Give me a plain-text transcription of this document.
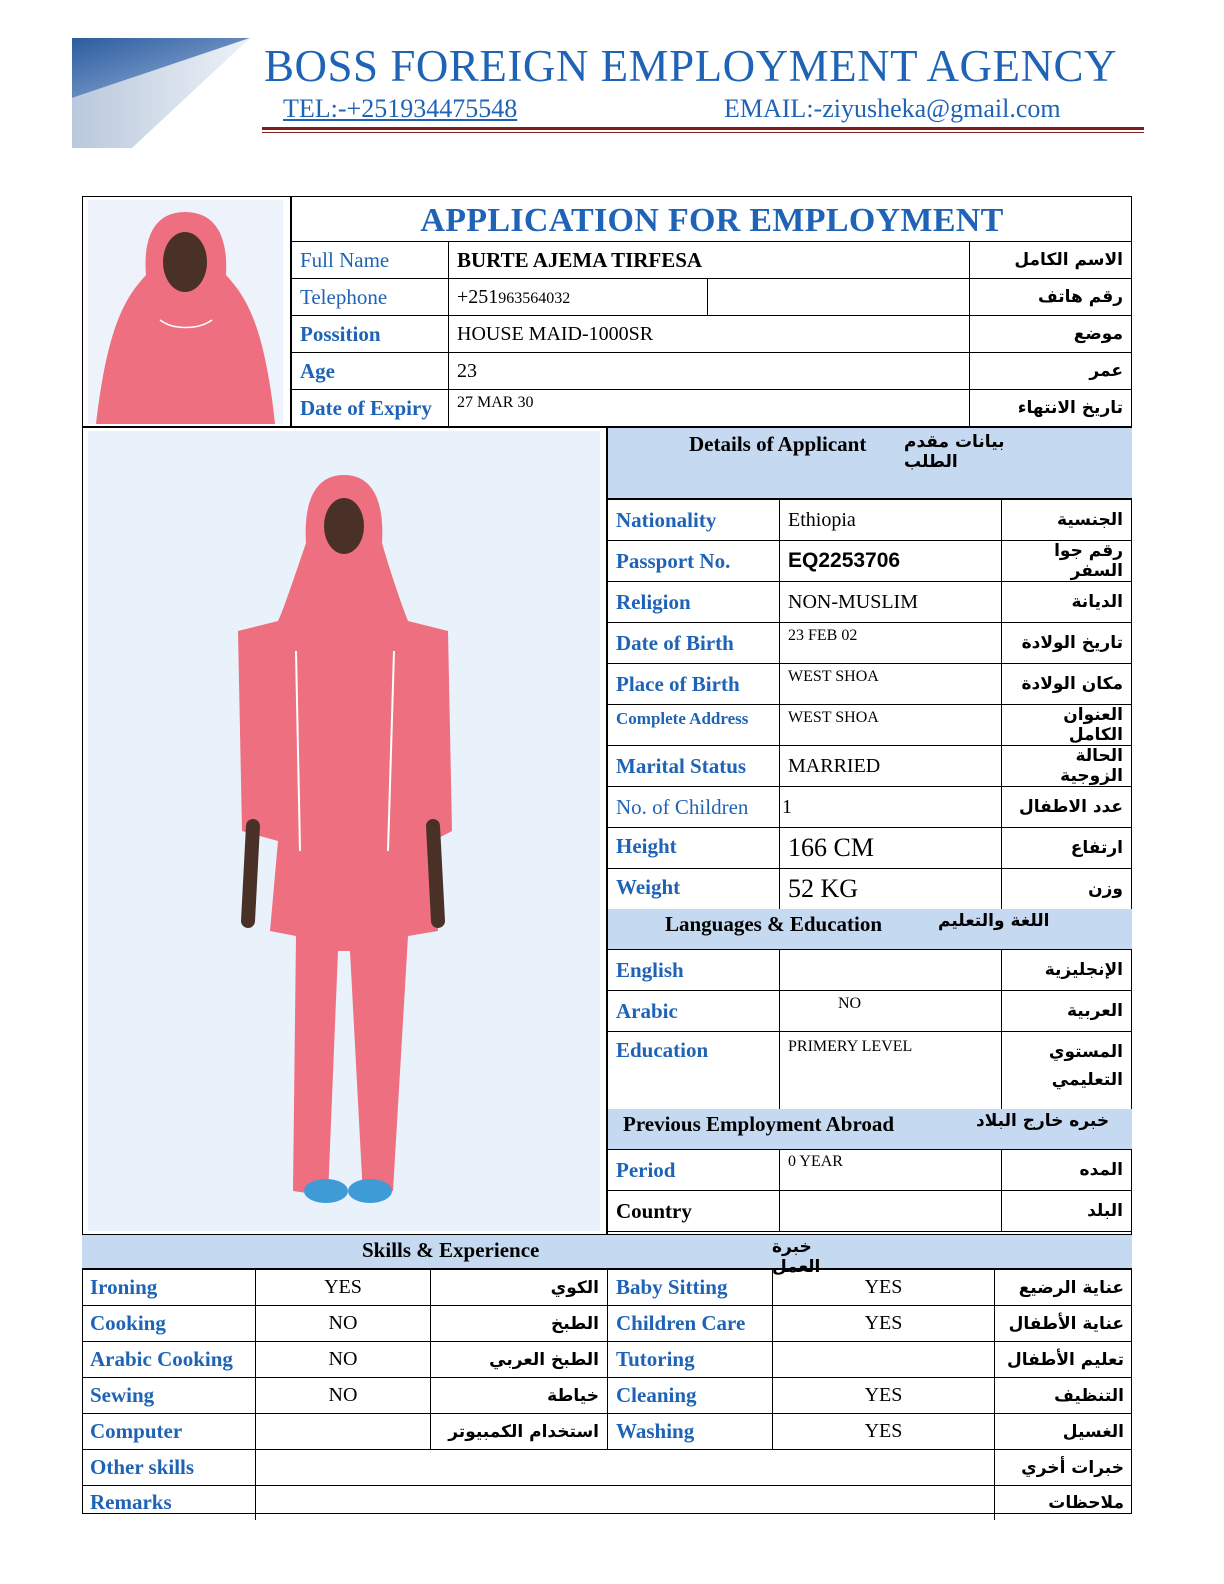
BOSS FOREIGN EMPLOYMENT AGENCY
TEL:-+251934475548	EMAIL:-ziyusheka@gmail.com
APPLICATION FOR EMPLOYMENT
Full Name	BURTE AJEMA TIRFESA		الاسم الكامل
Telephone	+251963564032		رقم هاتف
Possition	HOUSE MAID-1000SR		موضع
Age	23		عمر
Date of Expiry	27 MAR 30		تاريخ الانتهاء
Details of Applicant بيانات مقدم الطلب
Nationality	Ethiopia	الجنسية
Passport No.	EQ2253706	رقم جوا السفر
Religion	NON-MUSLIM	الديانة
Date of Birth	23 FEB 02	تاريخ الولادة
Place of Birth	WEST SHOA	مكان الولادة
Complete Address	WEST SHOA	العنوان الكامل
Marital Status	MARRIED	الحالة الزوجية
No. of Children	1	عدد الاطفال
Height	166 CM	ارتفاع
Weight	52 KG	وزن
Languages & Education	اللغة والتعليم
English		الإنجليزية
Arabic	NO	العربية
Education	PRIMERY LEVEL	المستوي التعليمي
Previous Employment Abroad	خبره خارج البلاد
Period	0 YEAR	المده
Country		البلد
Skills & Experience	خبرة العمل
Ironing	YES	الكوي	Baby Sitting	YES	عناية الرضيع
Cooking	NO	الطبخ	Children Care	YES	عناية الأطفال
Arabic Cooking	NO	الطبخ العربي	Tutoring		تعليم الأطفال
Sewing	NO	خياطة	Cleaning	YES	التنظيف
Computer		استخدام الكمبيوتر	Washing	YES	الغسيل
Other skills					خبرات أخري
Remarks					ملاحظات
